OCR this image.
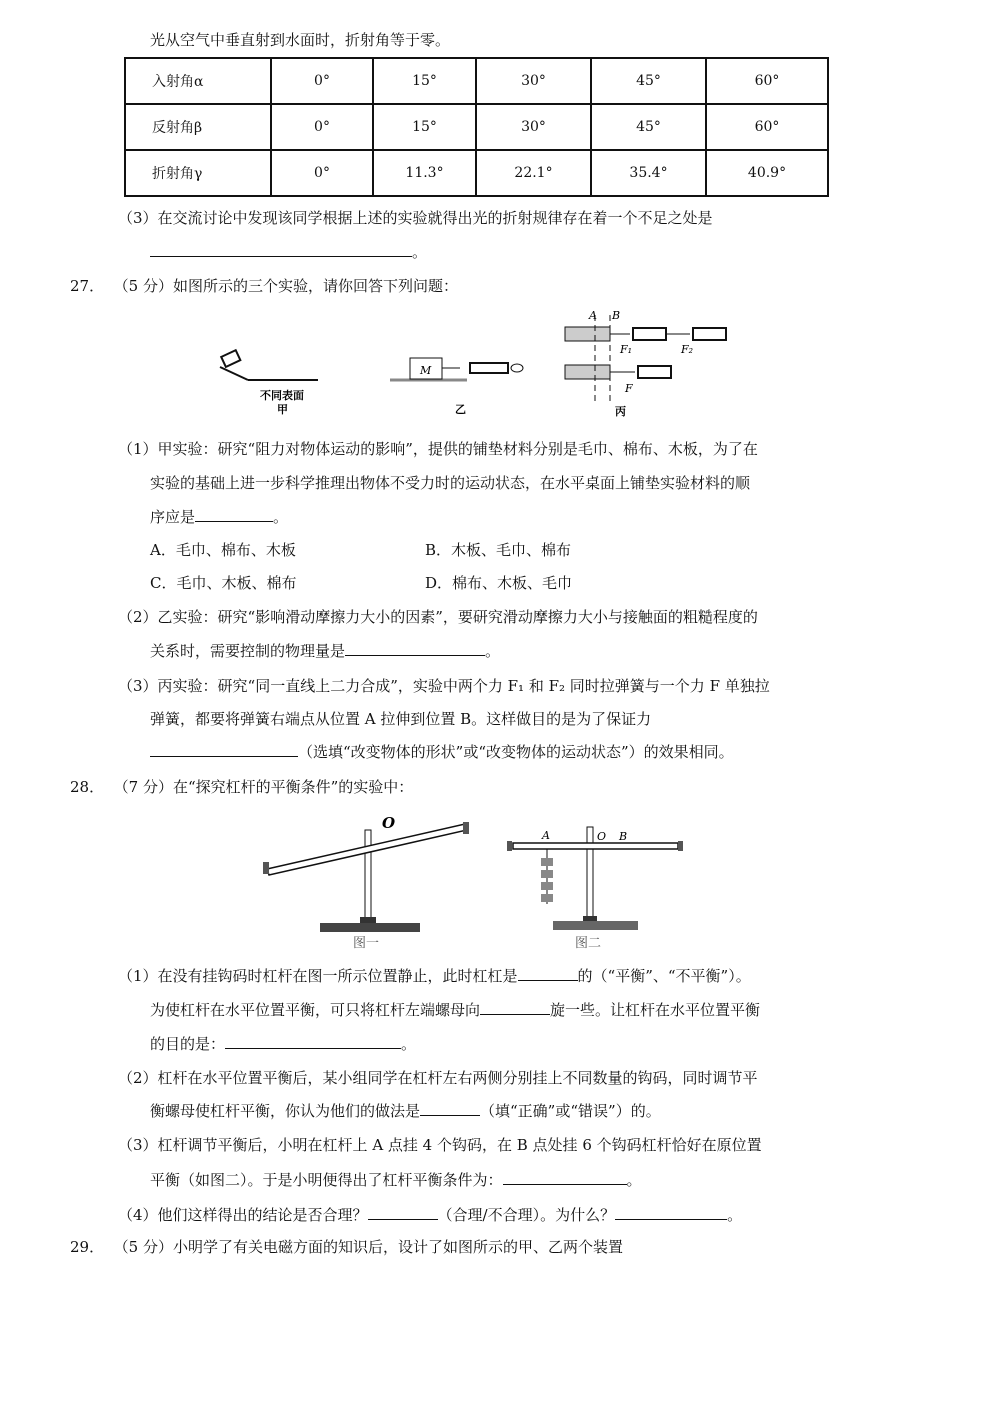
光从空气中垂直射到水面时，折射角等于零。
入射角α	0°	15°	30°	45°	60°
反射角β	0°	15°	30°	45°	60°
折射角γ	0°	11.3°	22.1°	35.4°	40.9°
（3）在交流讨论中发现该同学根据上述的实验就得出光的折射规律存在着一个不足之处是
。
27． （5 分）如图所示的三个实验，请你回答下列问题：
不同表面
甲
M
乙
A B
F₁	F₂
F
丙
（1）甲实验：研究“阻力对物体运动的影响”，提供的铺垫材料分别是毛巾、棉布、木板，为了在
实验的基础上进一步科学推理出物体不受力时的运动状态，在水平桌面上铺垫实验材料的顺
序应是	。
A．毛巾、棉布、木板	B．木板、毛巾、棉布
C．毛巾、木板、棉布	D．棉布、木板、毛巾
（2）乙实验：研究“影响滑动摩擦力大小的因素”，要研究滑动摩擦力大小与接触面的粗糙程度的
关系时，需要控制的物理量是	。
（3）丙实验：研究“同一直线上二力合成”，实验中两个力 F₁ 和 F₂ 同时拉弹簧与一个力 F 单独拉
弹簧，都要将弹簧右端点从位置 A 拉伸到位置 B。这样做目的是为了保证力
（选填“改变物体的形状”或“改变物体的运动状态”）的效果相同。
28． （7 分）在“探究杠杆的平衡条件”的实验中：
O
图一
A	O B
图二
（1）在没有挂钩码时杠杆在图一所示位置静止，此时杠杠是	的（“平衡”、“不平衡”）。
为使杠杆在水平位置平衡，可只将杠杆左端螺母向	旋一些。让杠杆在水平位置平衡
的目的是：	。
（2）杠杆在水平位置平衡后，某小组同学在杠杆左右两侧分别挂上不同数量的钩码，同时调节平
衡螺母使杠杆平衡，你认为他们的做法是	（填“正确”或“错误”）的。
（3）杠杆调节平衡后，小明在杠杆上 A 点挂 4 个钩码，在 B 点处挂 6 个钩码杠杆恰好在原位置
平衡（如图二）。于是小明便得出了杠杆平衡条件为：	。
（4）他们这样得出的结论是否合理？	（合理/不合理）。为什么？	。
29． （5 分）小明学了有关电磁方面的知识后，设计了如图所示的甲、乙两个装置
